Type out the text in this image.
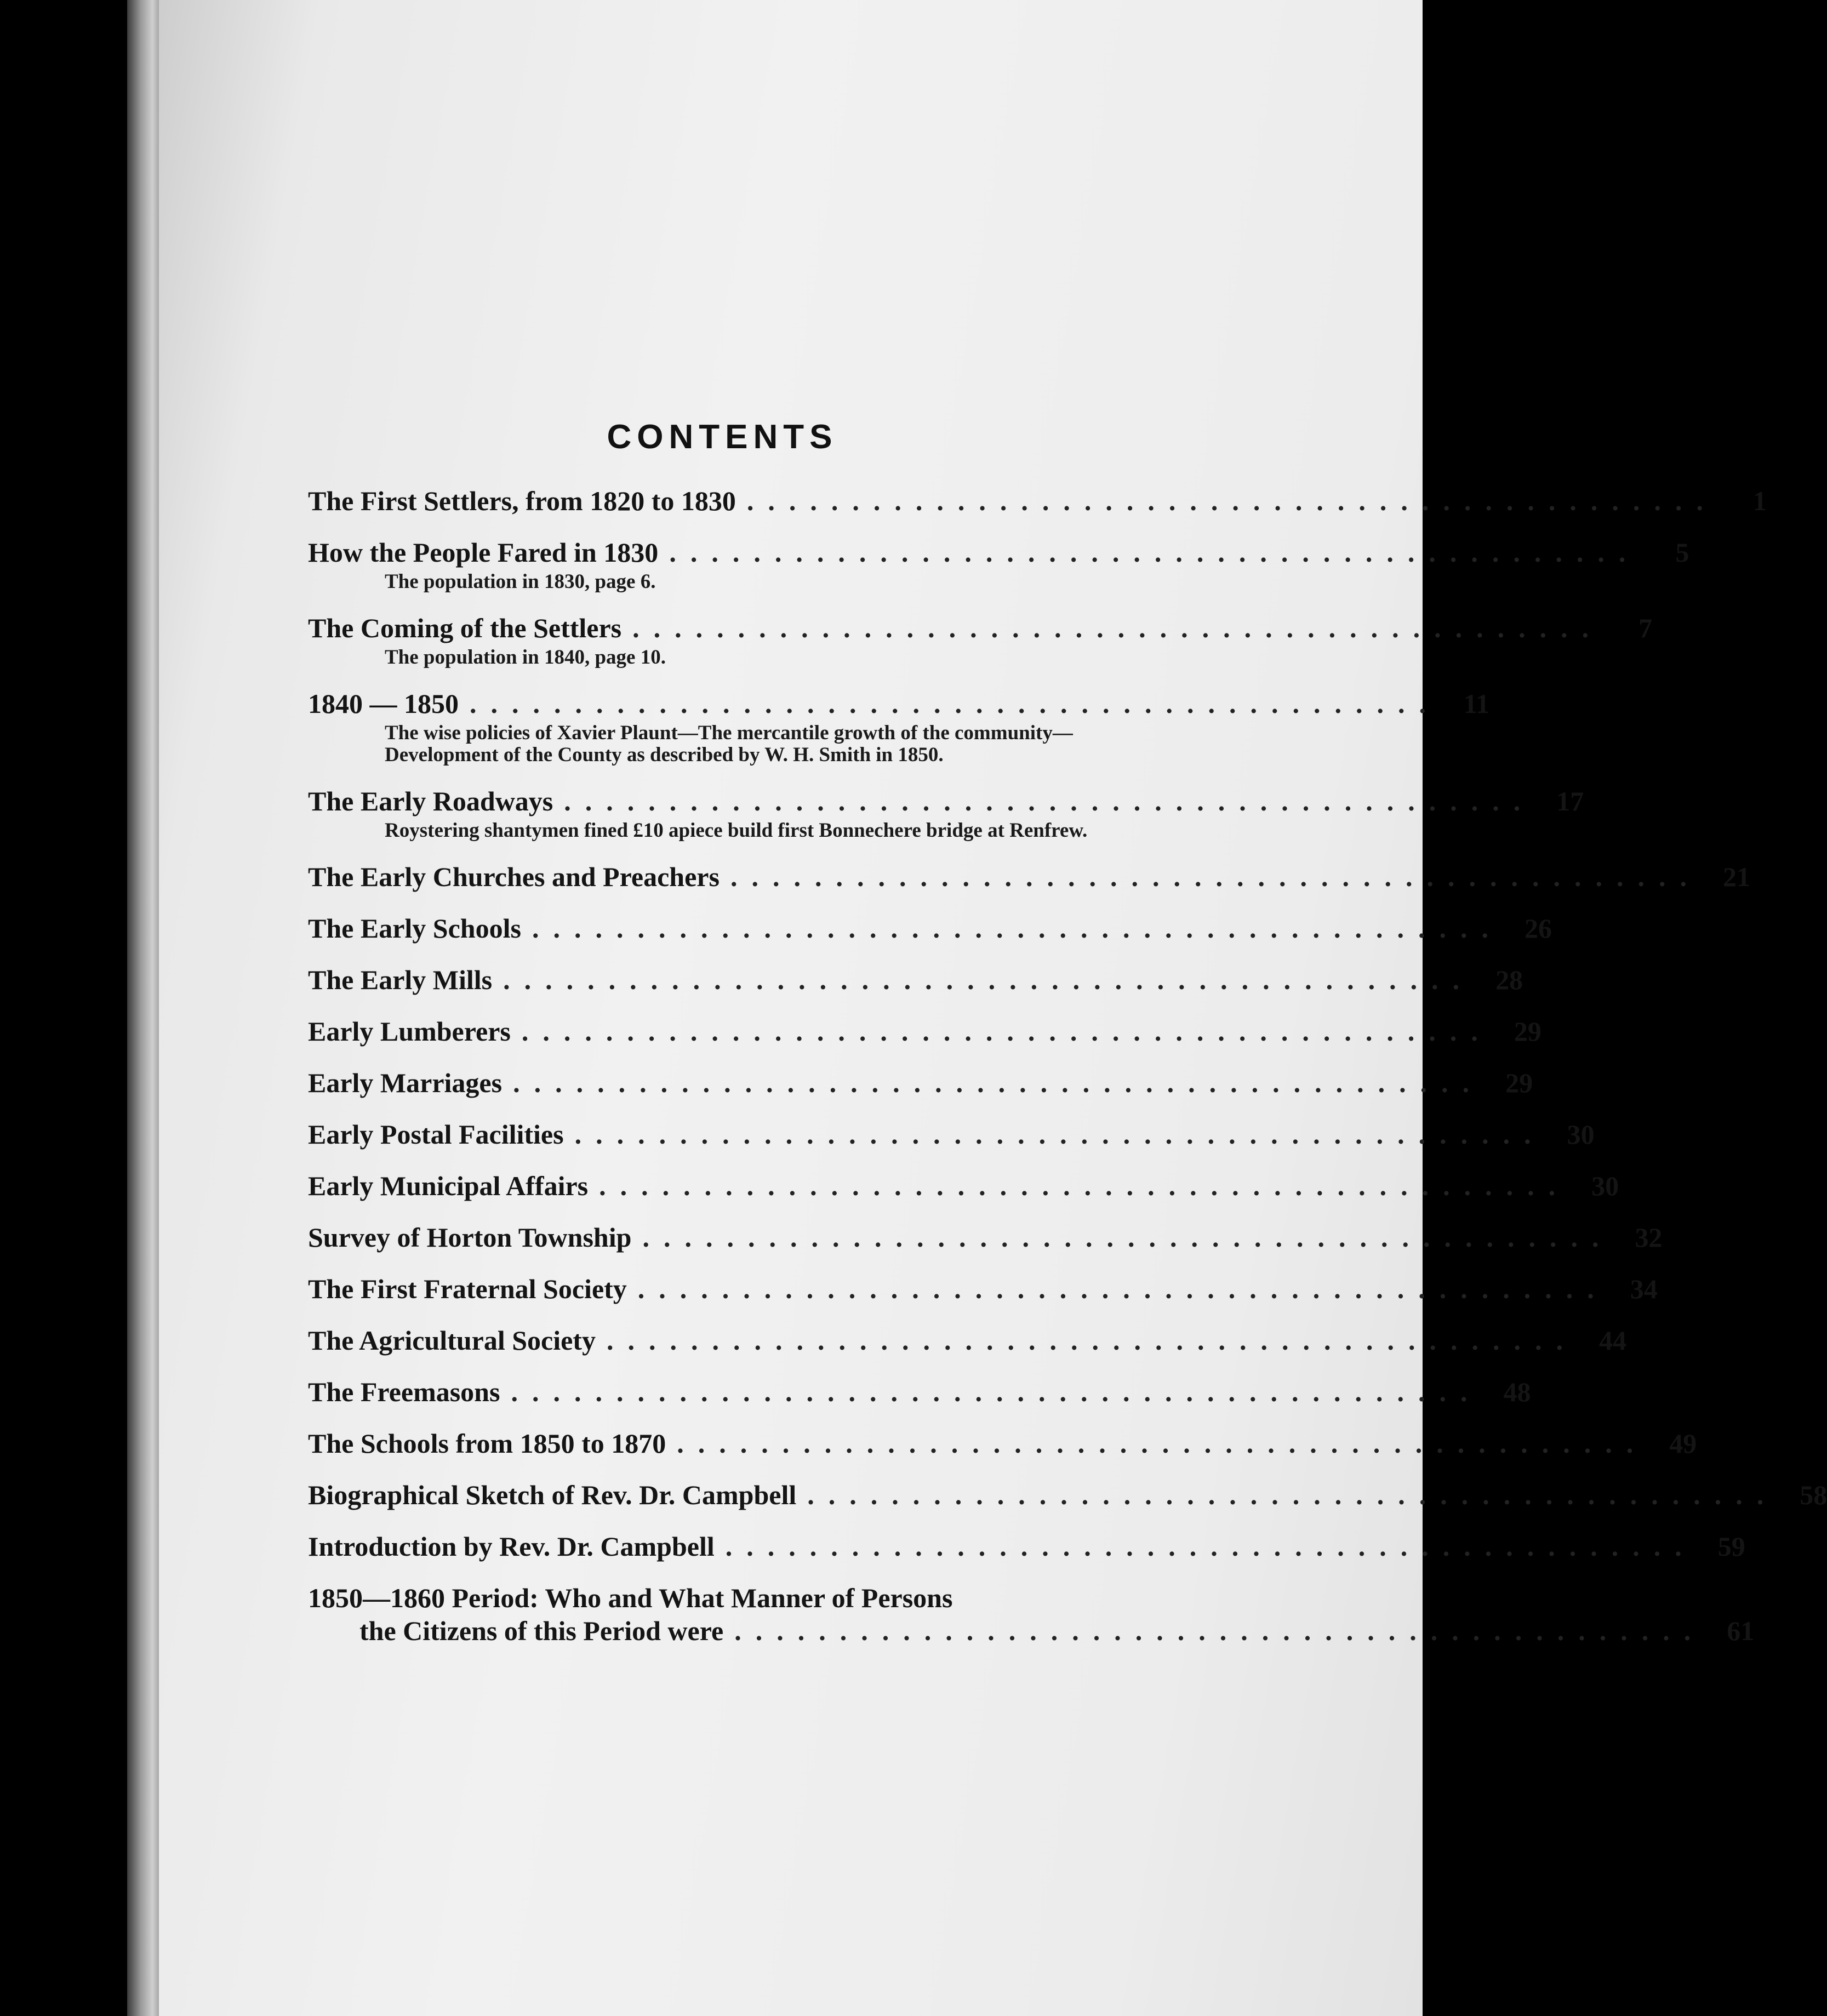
CONTENTS
The First Settlers, from 1820 to 1830 ..............................................	1
How the People Fared in 1830 ..............................................	5
The population in 1830, page 6.
The Coming of the Settlers ..............................................	7
The population in 1840, page 10.
1840 — 1850 .............................................. 11
The wise policies of Xavier Plaunt—The mercantile growth of the community—Development of the County as described by W. H. Smith in 1850.
The Early Roadways .............................................. 17
Roystering shantymen fined £10 apiece build first Bonnechere bridge at Renfrew.
The Early Churches and Preachers .............................................. 21
The Early Schools .............................................. 26
The Early Mills .............................................. 28
Early Lumberers .............................................. 29
Early Marriages .............................................. 29
Early Postal Facilities .............................................. 30
Early Municipal Affairs .............................................. 30
Survey of Horton Township .............................................. 32
The First Fraternal Society .............................................. 34
The Agricultural Society .............................................. 44
The Freemasons .............................................. 48
The Schools from 1850 to 1870 .............................................. 49
Biographical Sketch of Rev. Dr. Campbell .............................................. 58
Introduction by Rev. Dr. Campbell .............................................. 59
1850—1860 Period: Who and What Manner of Persons
the Citizens of this Period were .............................................. 61
